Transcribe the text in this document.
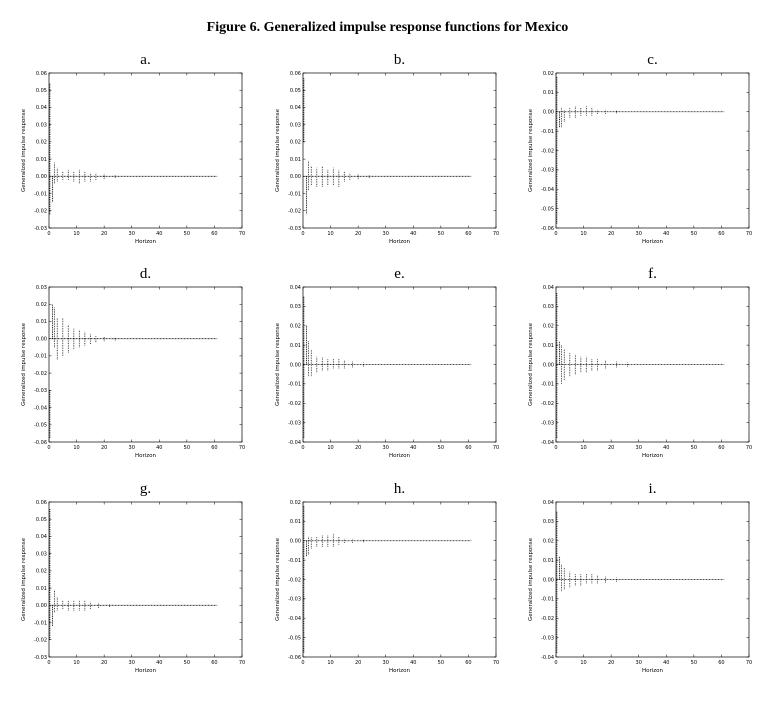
Figure 6. Generalized impulse response functions for Mexico
a.
-0.03
-0.02
-0.01
0.00
0.01
0.02
0.03
0.04
0.05
0.06
0	10	20	30	40	50	60	70
Horizon
Generalized impulse response
b.
-0.03
-0.02
-0.01
0.00
0.01
0.02
0.03
0.04
0.05
0.06
0	10	20	30	40	50	60	70
Horizon
Generalized impulse response
c.
-0.06
-0.05
-0.04
-0.03
-0.02
-0.01
0.00
0.01
0.02
0	10	20	30	40	50	60	70
Horizon
Generalized impulse response
d.
-0.06
-0.05
-0.04
-0.03
-0.02
-0.01
0.00
0.01
0.02
0.03
0	10	20	30	40	50	60	70
Horizon
Generalized impulse response
e.
-0.04
-0.03
-0.02
-0.01
0.00
0.01
0.02
0.03
0.04
0	10	20	30	40	50	60	70
Horizon
Generalized impulse response
f.
-0.04
-0.03
-0.02
-0.01
0.00
0.01
0.02
0.03
0.04
0	10	20	30	40	50	60	70
Horizon
Generalized impulse response
g.
-0.03
-0.02
-0.01
0.00
0.01
0.02
0.03
0.04
0.05
0.06
0	10	20	30	40	50	60	70
Horizon
Generalized impulse response
h.
-0.06
-0.05
-0.04
-0.03
-0.02
-0.01
0.00
0.01
0.02
0	10	20	30	40	50	60	70
Horizon
Generalized impulse response
i.
-0.04
-0.03
-0.02
-0.01
0.00
0.01
0.02
0.03
0.04
0	10	20	30	40	50	60	70
Horizon
Generalized impulse response
